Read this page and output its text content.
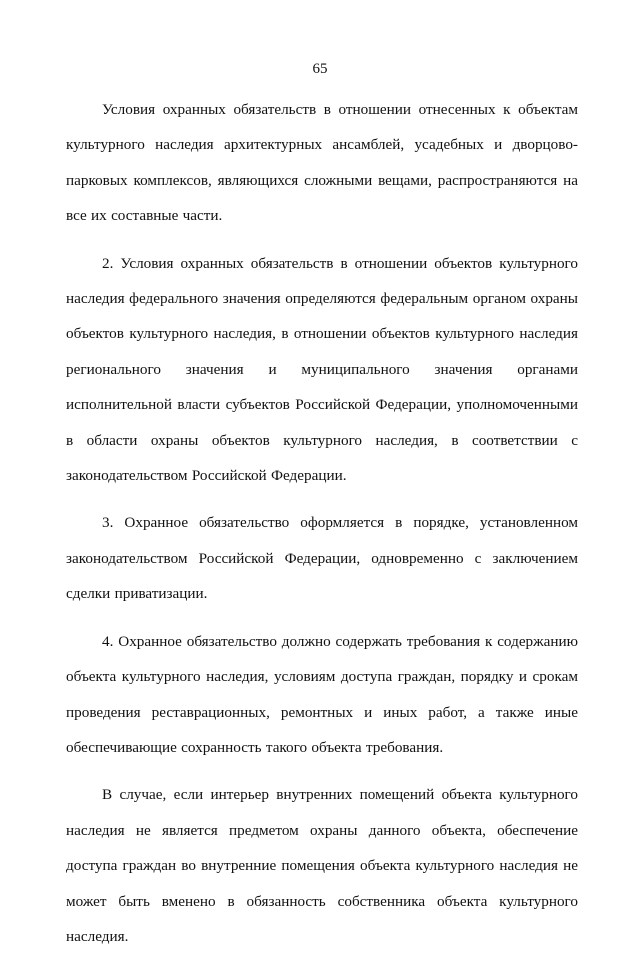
65

Условия охранных обязательств в отношении отнесенных к объектам культурного наследия архитектурных ансамблей, усадебных и дворцово-парковых комплексов, являющихся сложными вещами, распространяются на все их составные части.

2. Условия охранных обязательств в отношении объектов культурного наследия федерального значения определяются федеральным органом охраны объектов культурного наследия, в отношении объектов культурного наследия регионального значения и муниципального значения органами исполнительной власти субъектов Российской Федерации, уполномоченными в области охраны объектов культурного наследия, в соответствии с законодательством Российской Федерации.

3. Охранное обязательство оформляется в порядке, установленном законодательством Российской Федерации, одновременно с заключением сделки приватизации.

4. Охранное обязательство должно содержать требования к содержанию объекта культурного наследия, условиям доступа граждан, порядку и срокам проведения реставрационных, ремонтных и иных работ, а также иные обеспечивающие сохранность такого объекта требования.

В случае, если интерьер внутренних помещений объекта культурного наследия не является предметом охраны данного объекта, обеспечение доступа граждан во внутренние помещения объекта культурного наследия не может быть вменено в обязанность собственника объекта культурного наследия.
